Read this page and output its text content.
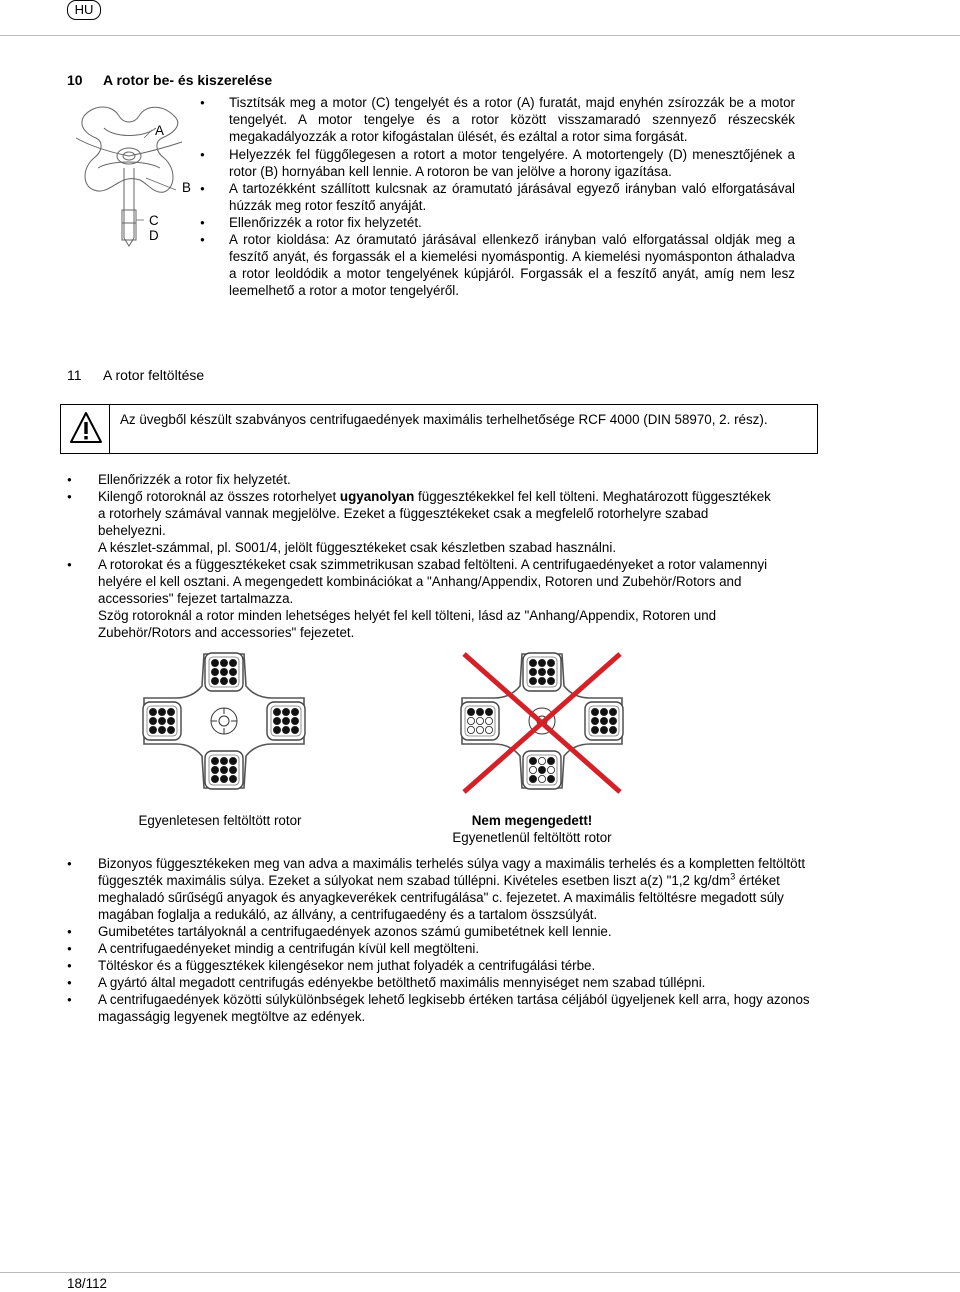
HU
10 A rotor be- és kiszerelése
A
B
C
D
● Tisztítsák meg a motor (C) tengelyét és a rotor (A) furatát, majd enyhén zsírozzák be a motor tengelyét. A motor tengelye és a rotor között visszamaradó szennyező részecskék megakadályozzák a rotor kifogástalan ülését, és ezáltal a rotor sima forgását.
● Helyezzék fel függőlegesen a rotort a motor tengelyére. A motortengely (D) menesztőjének a rotor (B) hornyában kell lennie. A rotoron be van jelölve a horony igazítása.
● A tartozékként szállított kulcsnak az óramutató járásával egyező irányban való elforgatásával húzzák meg rotor feszítő anyáját.
● Ellenőrizzék a rotor fix helyzetét.
● A rotor kioldása: Az óramutató járásával ellenkező irányban való elforgatással oldják meg a feszítő anyát, és forgassák el a kiemelési nyomáspontig. A kiemelési nyomásponton áthaladva a rotor leoldódik a motor tengelyének kúpjáról. Forgassák el a feszítő anyát, amíg nem lesz leemelhető a rotor a motor tengelyéről.
11 A rotor feltöltése
Az üvegből készült szabványos centrifugaedények maximális terhelhetősége RCF 4000 (DIN 58970, 2. rész).
● Ellenőrizzék a rotor fix helyzetét.
● Kilengő rotoroknál az összes rotorhelyet ugyanolyan függesztékekkel fel kell tölteni. Meghatározott függesztékek a rotorhely számával vannak megjelölve. Ezeket a függesztékeket csak a megfelelő rotorhelyre szabad behelyezni.
A készlet-számmal, pl. S001/4, jelölt függesztékeket csak készletben szabad használni.
● A rotorokat és a függesztékeket csak szimmetrikusan szabad feltölteni. A centrifugaedényeket a rotor valamennyi helyére el kell osztani. A megengedett kombinációkat a "Anhang/Appendix, Rotoren und Zubehör/Rotors and accessories" fejezet tartalmazza.
Szög rotoroknál a rotor minden lehetséges helyét fel kell tölteni, lásd az "Anhang/Appendix, Rotoren und Zubehör/Rotors and accessories" fejezetet.
Egyenletesen feltöltött rotor	Nem megengedett!
Egyenetlenül feltöltött rotor
● Bizonyos függesztékeken meg van adva a maximális terhelés súlya vagy a maximális terhelés és a kompletten feltöltött függeszték maximális súlya. Ezeket a súlyokat nem szabad túllépni. Kivételes esetben liszt a(z) "1,2 $kg/dm^3$ értéket meghaladó sűrűségű anyagok és anyagkeverékek centrifugálása" c. fejezetet. A maximális feltöltésre megadott súly magában foglalja a redukáló, az állvány, a centrifugaedény és a tartalom összsúlyát.
● Gumibetétes tartályoknál a centrifugaedények azonos számú gumibetétnek kell lennie.
● A centrifugaedényeket mindig a centrifugán kívül kell megtölteni.
● Töltéskor és a függesztékek kilengésekor nem juthat folyadék a centrifugálási térbe.
● A gyártó által megadott centrifugás edényekbe betölthető maximális mennyiséget nem szabad túllépni.
● A centrifugaedények közötti súlykülönbségek lehető legkisebb értéken tartása céljából ügyeljenek kell arra, hogy azonos magasságig legyenek megtöltve az edények.
18/112
